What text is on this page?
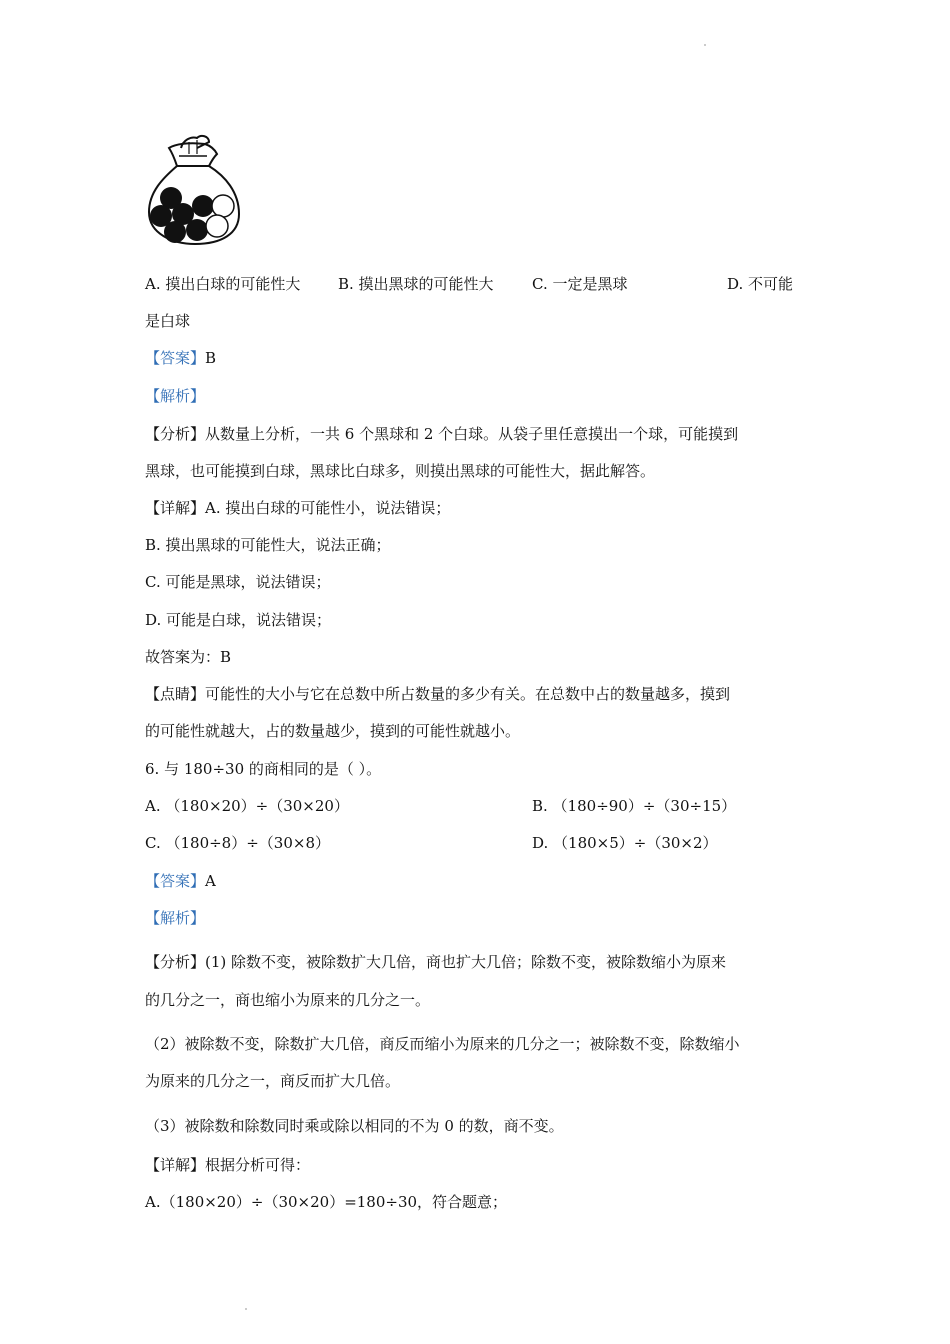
A. 摸出白球的可能性大	B. 摸出黑球的可能性大	C. 一定是黑球	D. 不可能
是白球
【答案】B
【解析】
【分析】从数量上分析，一共 6 个黑球和 2 个白球。从袋子里任意摸出一个球，可能摸到
黑球，也可能摸到白球，黑球比白球多，则摸出黑球的可能性大，据此解答。
【详解】A. 摸出白球的可能性小，说法错误；
B. 摸出黑球的可能性大，说法正确；
C. 可能是黑球，说法错误；
D. 可能是白球，说法错误；
故答案为：B
【点睛】可能性的大小与它在总数中所占数量的多少有关。在总数中占的数量越多，摸到
的可能性就越大，占的数量越少，摸到的可能性就越小。
6. 与 180÷30 的商相同的是（ ）。
A. （180×20）÷（30×20）	B. （180÷90）÷（30÷15）
C. （180÷8）÷（30×8）	D. （180×5）÷（30×2）
【答案】A
【解析】
【分析】(1) 除数不变，被除数扩大几倍，商也扩大几倍；除数不变，被除数缩小为原来
的几分之一，商也缩小为原来的几分之一。
（2）被除数不变，除数扩大几倍，商反而缩小为原来的几分之一；被除数不变，除数缩小
为原来的几分之一，商反而扩大几倍。
（3）被除数和除数同时乘或除以相同的不为 0 的数，商不变。
【详解】根据分析可得：
A.（180×20）÷（30×20）=180÷30，符合题意；
